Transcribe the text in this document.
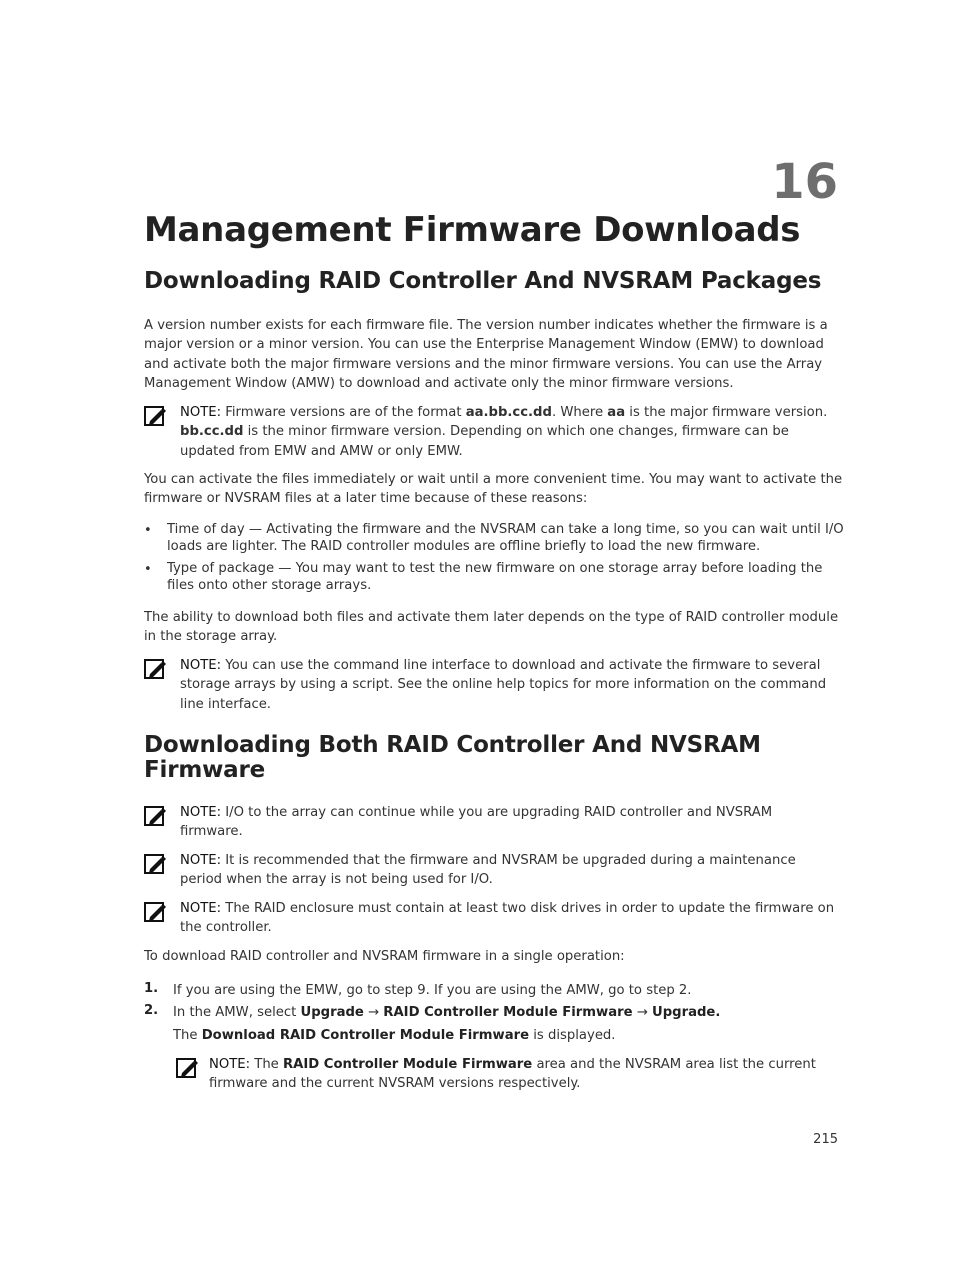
16
Management Firmware Downloads
Downloading RAID Controller And NVSRAM Packages
A version number exists for each firmware file. The version number indicates whether the firmware is a major version or a minor version. You can use the Enterprise Management Window (EMW) to download and activate both the major firmware versions and the minor firmware versions. You can use the Array Management Window (AMW) to download and activate only the minor firmware versions.
NOTE: Firmware versions are of the format aa.bb.cc.dd. Where aa is the major firmware version. bb.cc.dd is the minor firmware version. Depending on which one changes, firmware can be updated from EMW and AMW or only EMW.
You can activate the files immediately or wait until a more convenient time. You may want to activate the firmware or NVSRAM files at a later time because of these reasons:
• Time of day — Activating the firmware and the NVSRAM can take a long time, so you can wait until I/O loads are lighter. The RAID controller modules are offline briefly to load the new firmware.
• Type of package — You may want to test the new firmware on one storage array before loading the files onto other storage arrays.
The ability to download both files and activate them later depends on the type of RAID controller module in the storage array.
NOTE: You can use the command line interface to download and activate the firmware to several storage arrays by using a script. See the online help topics for more information on the command line interface.
Downloading Both RAID Controller And NVSRAM Firmware
NOTE: I/O to the array can continue while you are upgrading RAID controller and NVSRAM firmware.
NOTE: It is recommended that the firmware and NVSRAM be upgraded during a maintenance period when the array is not being used for I/O.
NOTE: The RAID enclosure must contain at least two disk drives in order to update the firmware on the controller.
To download RAID controller and NVSRAM firmware in a single operation:
1. If you are using the EMW, go to step 9. If you are using the AMW, go to step 2.
2. In the AMW, select Upgrade → RAID Controller Module Firmware → Upgrade.
The Download RAID Controller Module Firmware is displayed.
NOTE: The RAID Controller Module Firmware area and the NVSRAM area list the current firmware and the current NVSRAM versions respectively.
215
